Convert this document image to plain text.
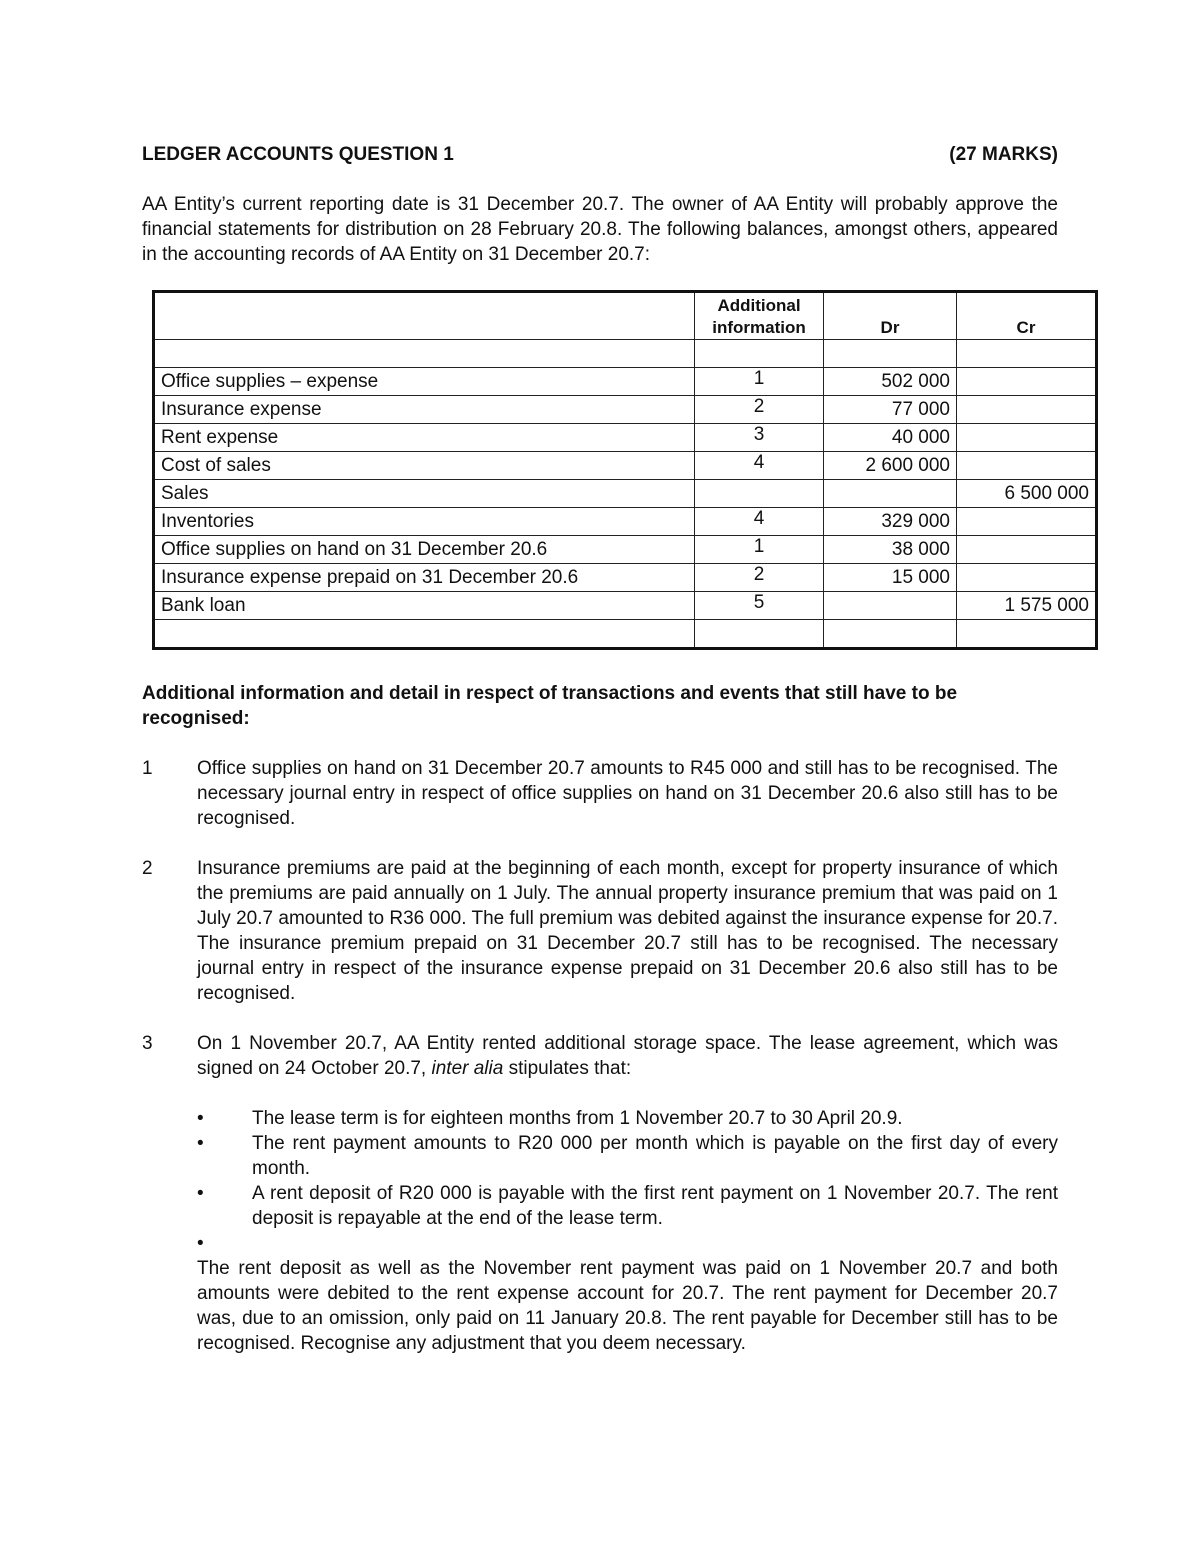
LEDGER ACCOUNTS QUESTION 1	(27 MARKS)

AA Entity’s current reporting date is 31 December 20.7. The owner of AA Entity will probably approve the financial statements for distribution on 28 February 20.8. The following balances, amongst others, appeared in the accounting records of AA Entity on 31 December 20.7:

	Additional information	Dr	Cr

Office supplies – expense	1	502 000	
Insurance expense	2	77 000	
Rent expense	3	40 000	
Cost of sales	4	2 600 000	
Sales			6 500 000
Inventories	4	329 000	
Office supplies on hand on 31 December 20.6	1	38 000	
Insurance expense prepaid on 31 December 20.6	2	15 000	
Bank loan	5		1 575 000

Additional information and detail in respect of transactions and events that still have to be recognised:

1	Office supplies on hand on 31 December 20.7 amounts to R45 000 and still has to be recognised. The necessary journal entry in respect of office supplies on hand on 31 December 20.6 also still has to be recognised.

2	Insurance premiums are paid at the beginning of each month, except for property insurance of which the premiums are paid annually on 1 July. The annual property insurance premium that was paid on 1 July 20.7 amounted to R36 000. The full premium was debited against the insurance expense for 20.7. The insurance premium prepaid on 31 December 20.7 still has to be recognised. The necessary journal entry in respect of the insurance expense prepaid on 31 December 20.6 also still has to be recognised.

3	On 1 November 20.7, AA Entity rented additional storage space. The lease agreement, which was signed on 24 October 20.7, inter alia stipulates that:

•	The lease term is for eighteen months from 1 November 20.7 to 30 April 20.9.

•	The rent payment amounts to R20 000 per month which is payable on the first day of every month.

•	A rent deposit of R20 000 is payable with the first rent payment on 1 November 20.7. The rent deposit is repayable at the end of the lease term.

•

The rent deposit as well as the November rent payment was paid on 1 November 20.7 and both amounts were debited to the rent expense account for 20.7. The rent payment for December 20.7 was, due to an omission, only paid on 11 January 20.8. The rent payable for December still has to be recognised. Recognise any adjustment that you deem necessary.
